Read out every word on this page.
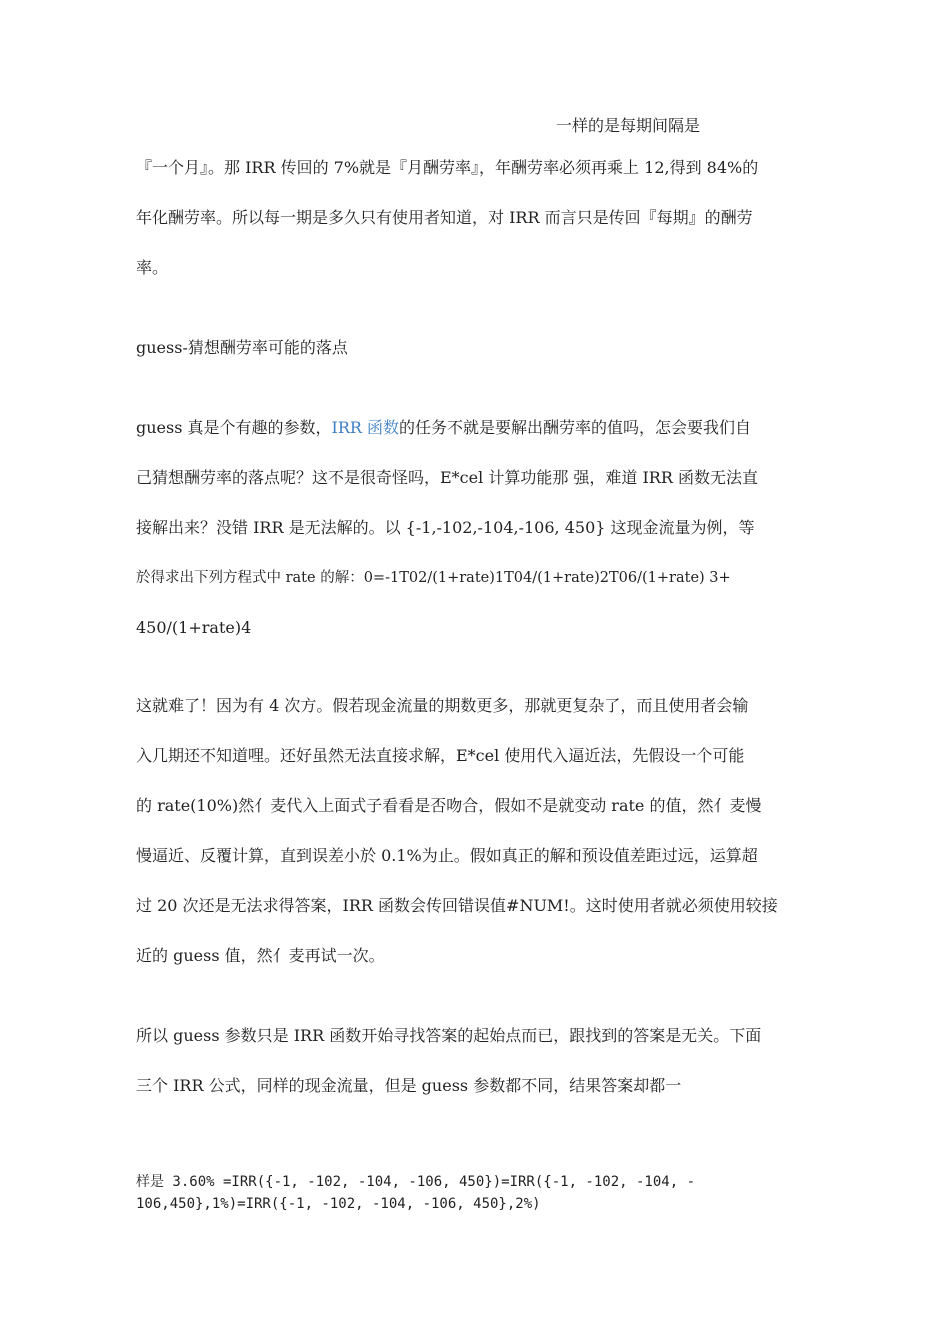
一样的是每期间隔是
『一个月』。那 IRR 传回的 7%就是『月酬劳率』，年酬劳率必须再乘上 12,得到 84%的
年化酬劳率。所以每一期是多久只有使用者知道，对 IRR 而言只是传回『每期』的酬劳
率。
guess-猜想酬劳率可能的落点
guess 真是个有趣的参数，IRR 函数的任务不就是要解出酬劳率的值吗，怎会要我们自
己猜想酬劳率的落点呢？这不是很奇怪吗，E*cel 计算功能那 强，难道 IRR 函数无法直
接解出来？没错 IRR 是无法解的。以 {-1,-102,-104,-106, 450} 这现金流量为例，等
於得求出下列方程式中 rate 的解：0=-1T02/(1+rate)1T04/(1+rate)2T06/(1+rate) 3+
450/(1+rate)4
这就难了！因为有 4 次方。假若现金流量的期数更多，那就更复杂了，而且使用者会输
入几期还不知道哩。还好虽然无法直接求解，E*cel 使用代入逼近法，先假设一个可能
的 rate(10%)然亻麦代入上面式子看看是否吻合，假如不是就变动 rate 的值，然亻麦慢
慢逼近、反覆计算，直到误差小於 0.1%为止。假如真正的解和预设值差距过远，运算超
过 20 次还是无法求得答案，IRR 函数会传回错误值#NUM!。这时使用者就必须使用较接
近的 guess 值，然亻麦再试一次。
所以 guess 参数只是 IRR 函数开始寻找答案的起始点而已，跟找到的答案是无关。下面
三个 IRR 公式，同样的现金流量，但是 guess 参数都不同，结果答案却都一
样是 3.60% =IRR({-1, -102, -104, -106, 450})=IRR({-1, -102, -104, -
106,450},1%)=IRR({-1, -102, -104, -106, 450},2%)
